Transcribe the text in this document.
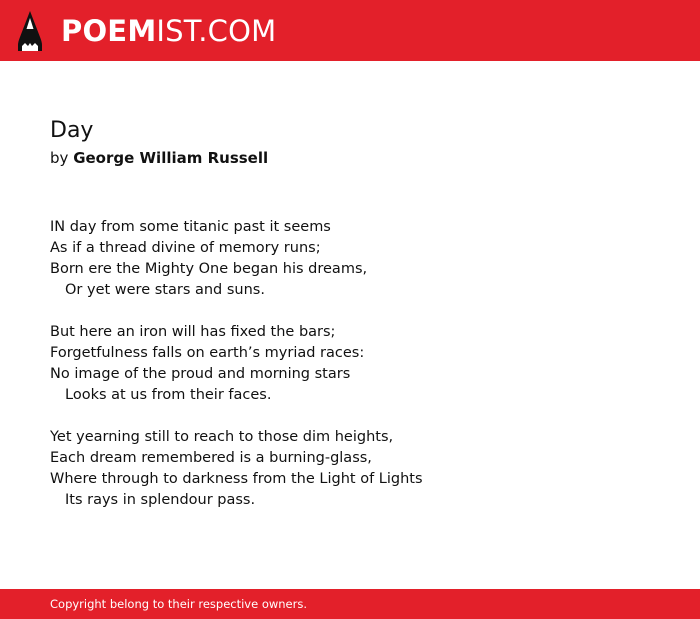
POEMIST.COM
Day
by George William Russell
IN day from some titanic past it seems
As if a thread divine of memory runs;
Born ere the Mighty One began his dreams,
Or yet were stars and suns.
But here an iron will has fixed the bars;
Forgetfulness falls on earth’s myriad races:
No image of the proud and morning stars
Looks at us from their faces.
Yet yearning still to reach to those dim heights,
Each dream remembered is a burning-glass,
Where through to darkness from the Light of Lights
Its rays in splendour pass.
Copyright belong to their respective owners.
